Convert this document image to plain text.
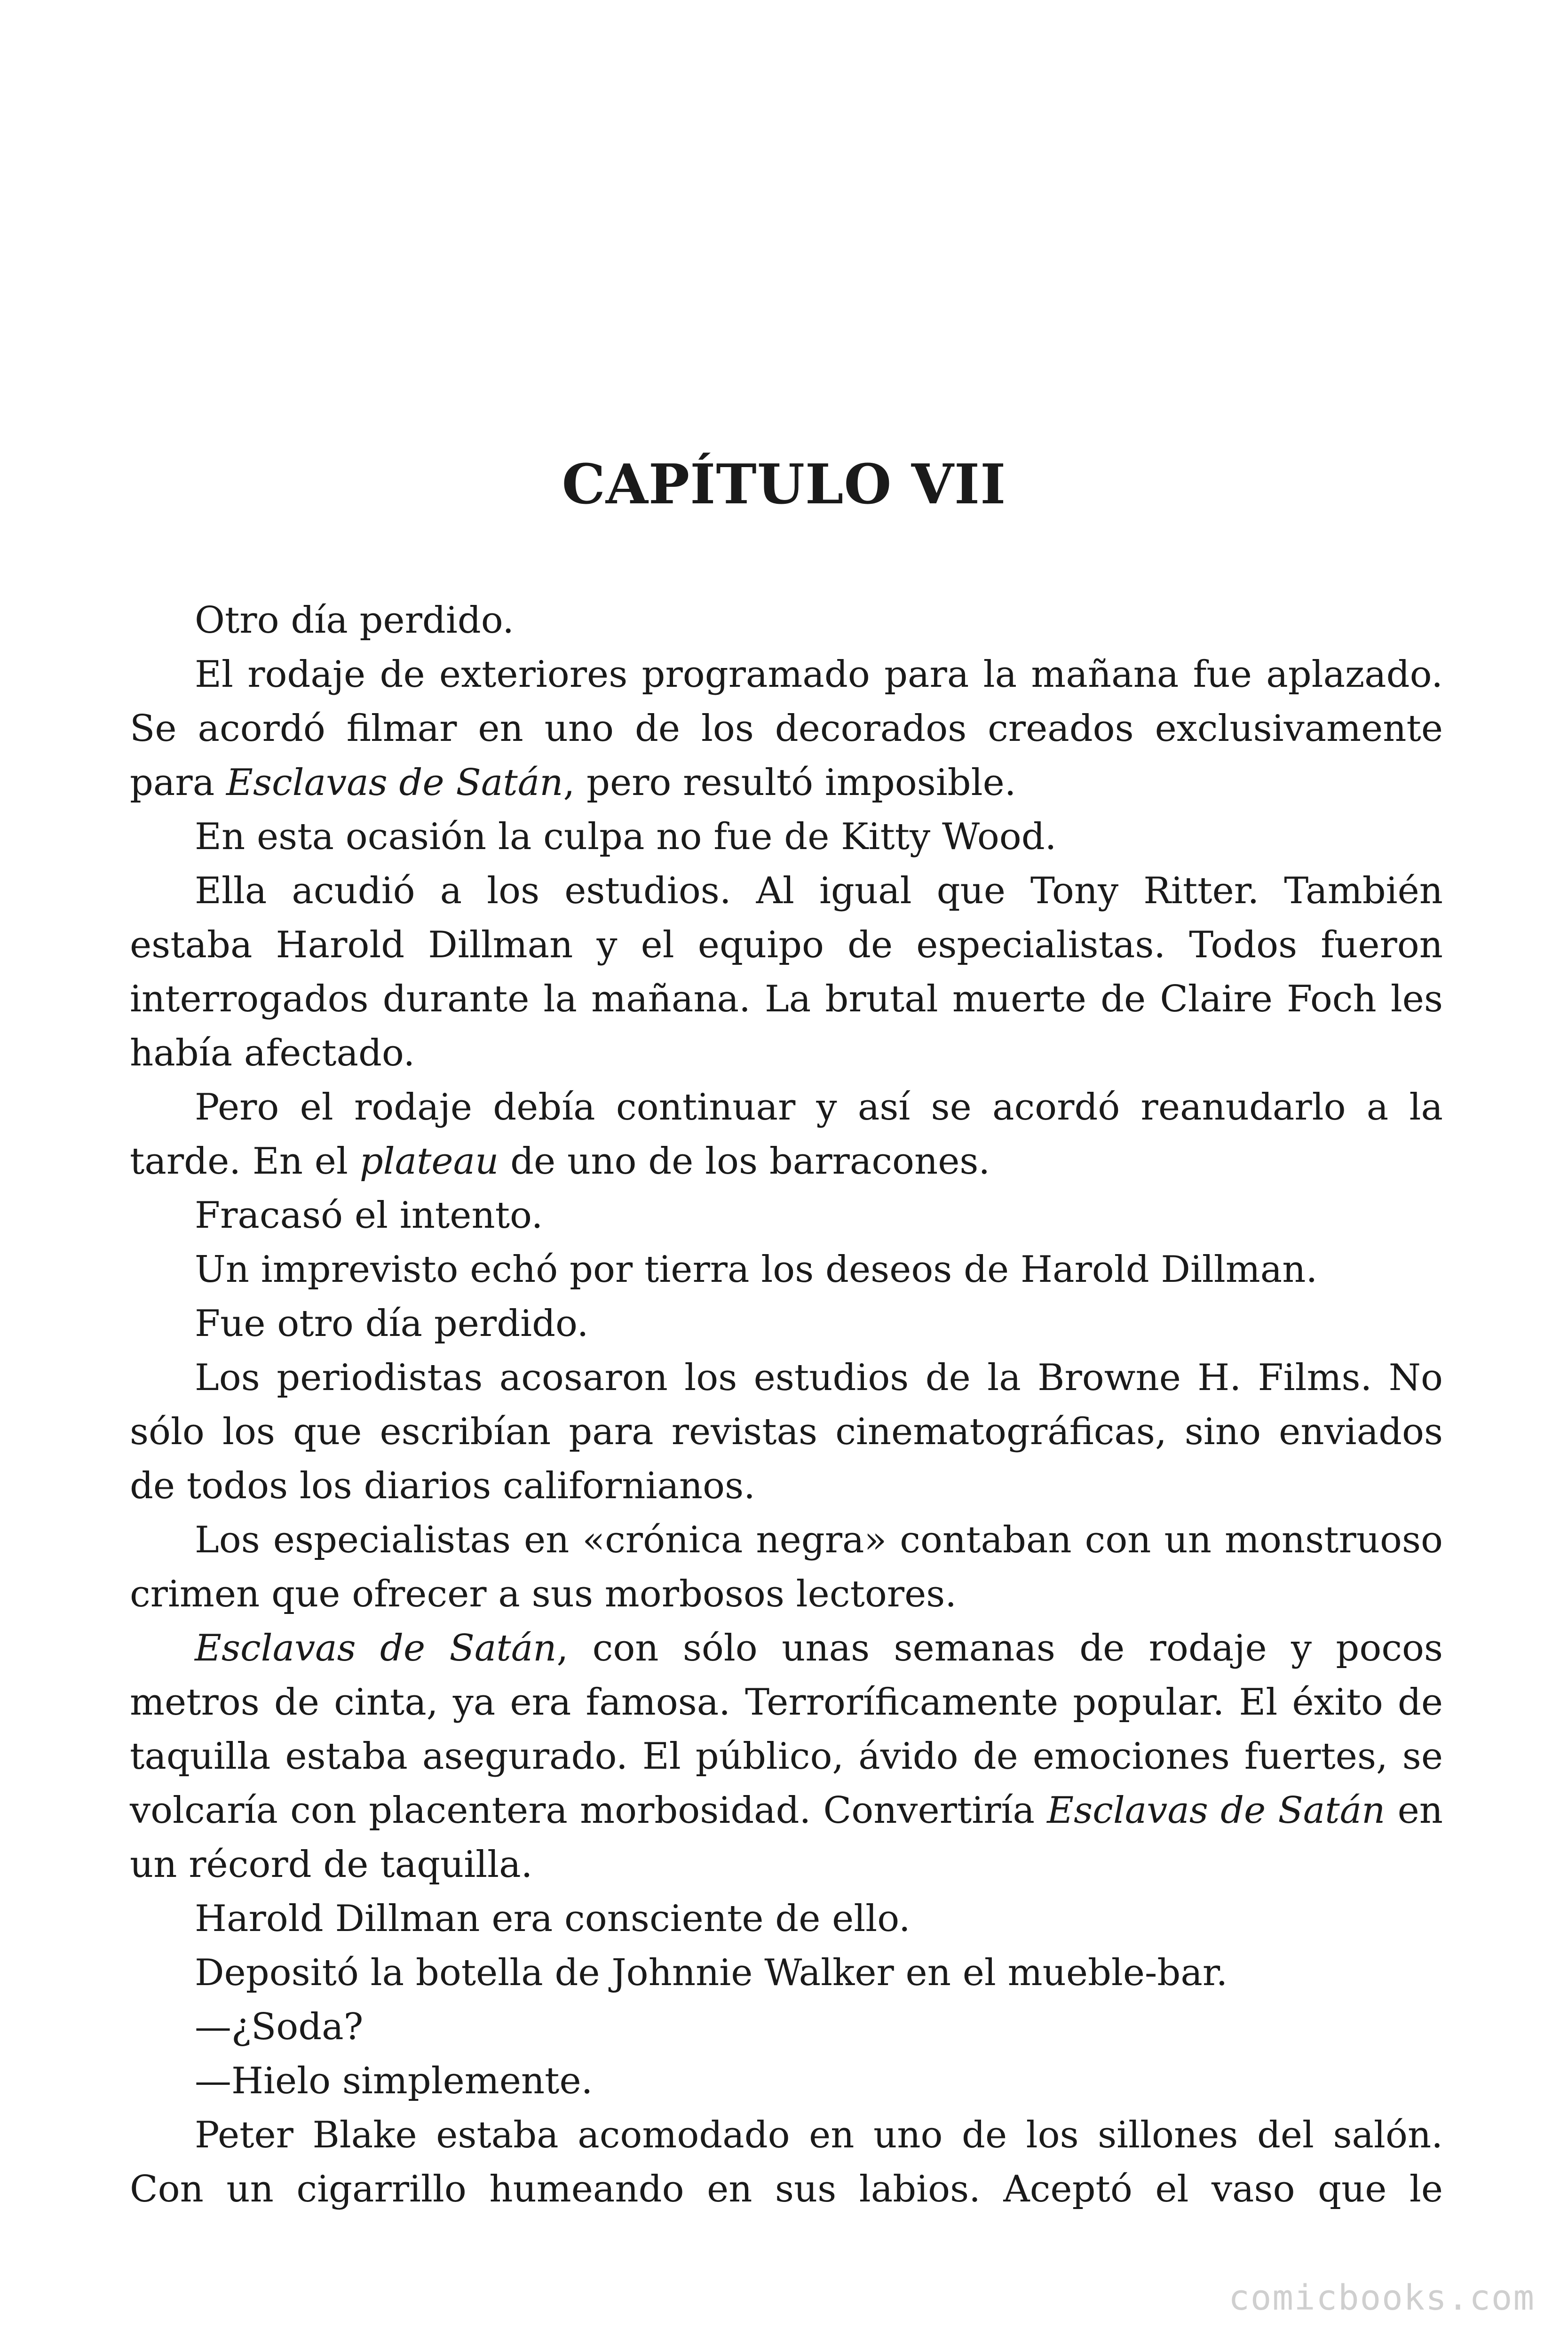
CAPÍTULO VII

Otro día perdido.

El rodaje de exteriores programado para la mañana fue aplazado. Se acordó filmar en uno de los decorados creados exclusivamente para Esclavas de Satán, pero resultó imposible.

En esta ocasión la culpa no fue de Kitty Wood.

Ella acudió a los estudios. Al igual que Tony Ritter. También estaba Harold Dillman y el equipo de especialistas. Todos fueron interrogados durante la mañana. La brutal muerte de Claire Foch les había afectado.

Pero el rodaje debía continuar y así se acordó reanudarlo a la tarde. En el plateau de uno de los barracones.

Fracasó el intento.

Un imprevisto echó por tierra los deseos de Harold Dillman.

Fue otro día perdido.

Los periodistas acosaron los estudios de la Browne H. Films. No sólo los que escribían para revistas cinematográficas, sino enviados de todos los diarios californianos.

Los especialistas en «crónica negra» contaban con un monstruoso crimen que ofrecer a sus morbosos lectores.

Esclavas de Satán, con sólo unas semanas de rodaje y pocos metros de cinta, ya era famosa. Terroríficamente popular. El éxito de taquilla estaba asegurado. El público, ávido de emociones fuertes, se volcaría con placentera morbosidad. Convertiría Esclavas de Satán en un récord de taquilla.

Harold Dillman era consciente de ello.

Depositó la botella de Johnnie Walker en el mueble-bar.

—¿Soda?

—Hielo simplemente.

Peter Blake estaba acomodado en uno de los sillones del salón. Con un cigarrillo humeando en sus labios. Aceptó el vaso que le

comicbooks.com
